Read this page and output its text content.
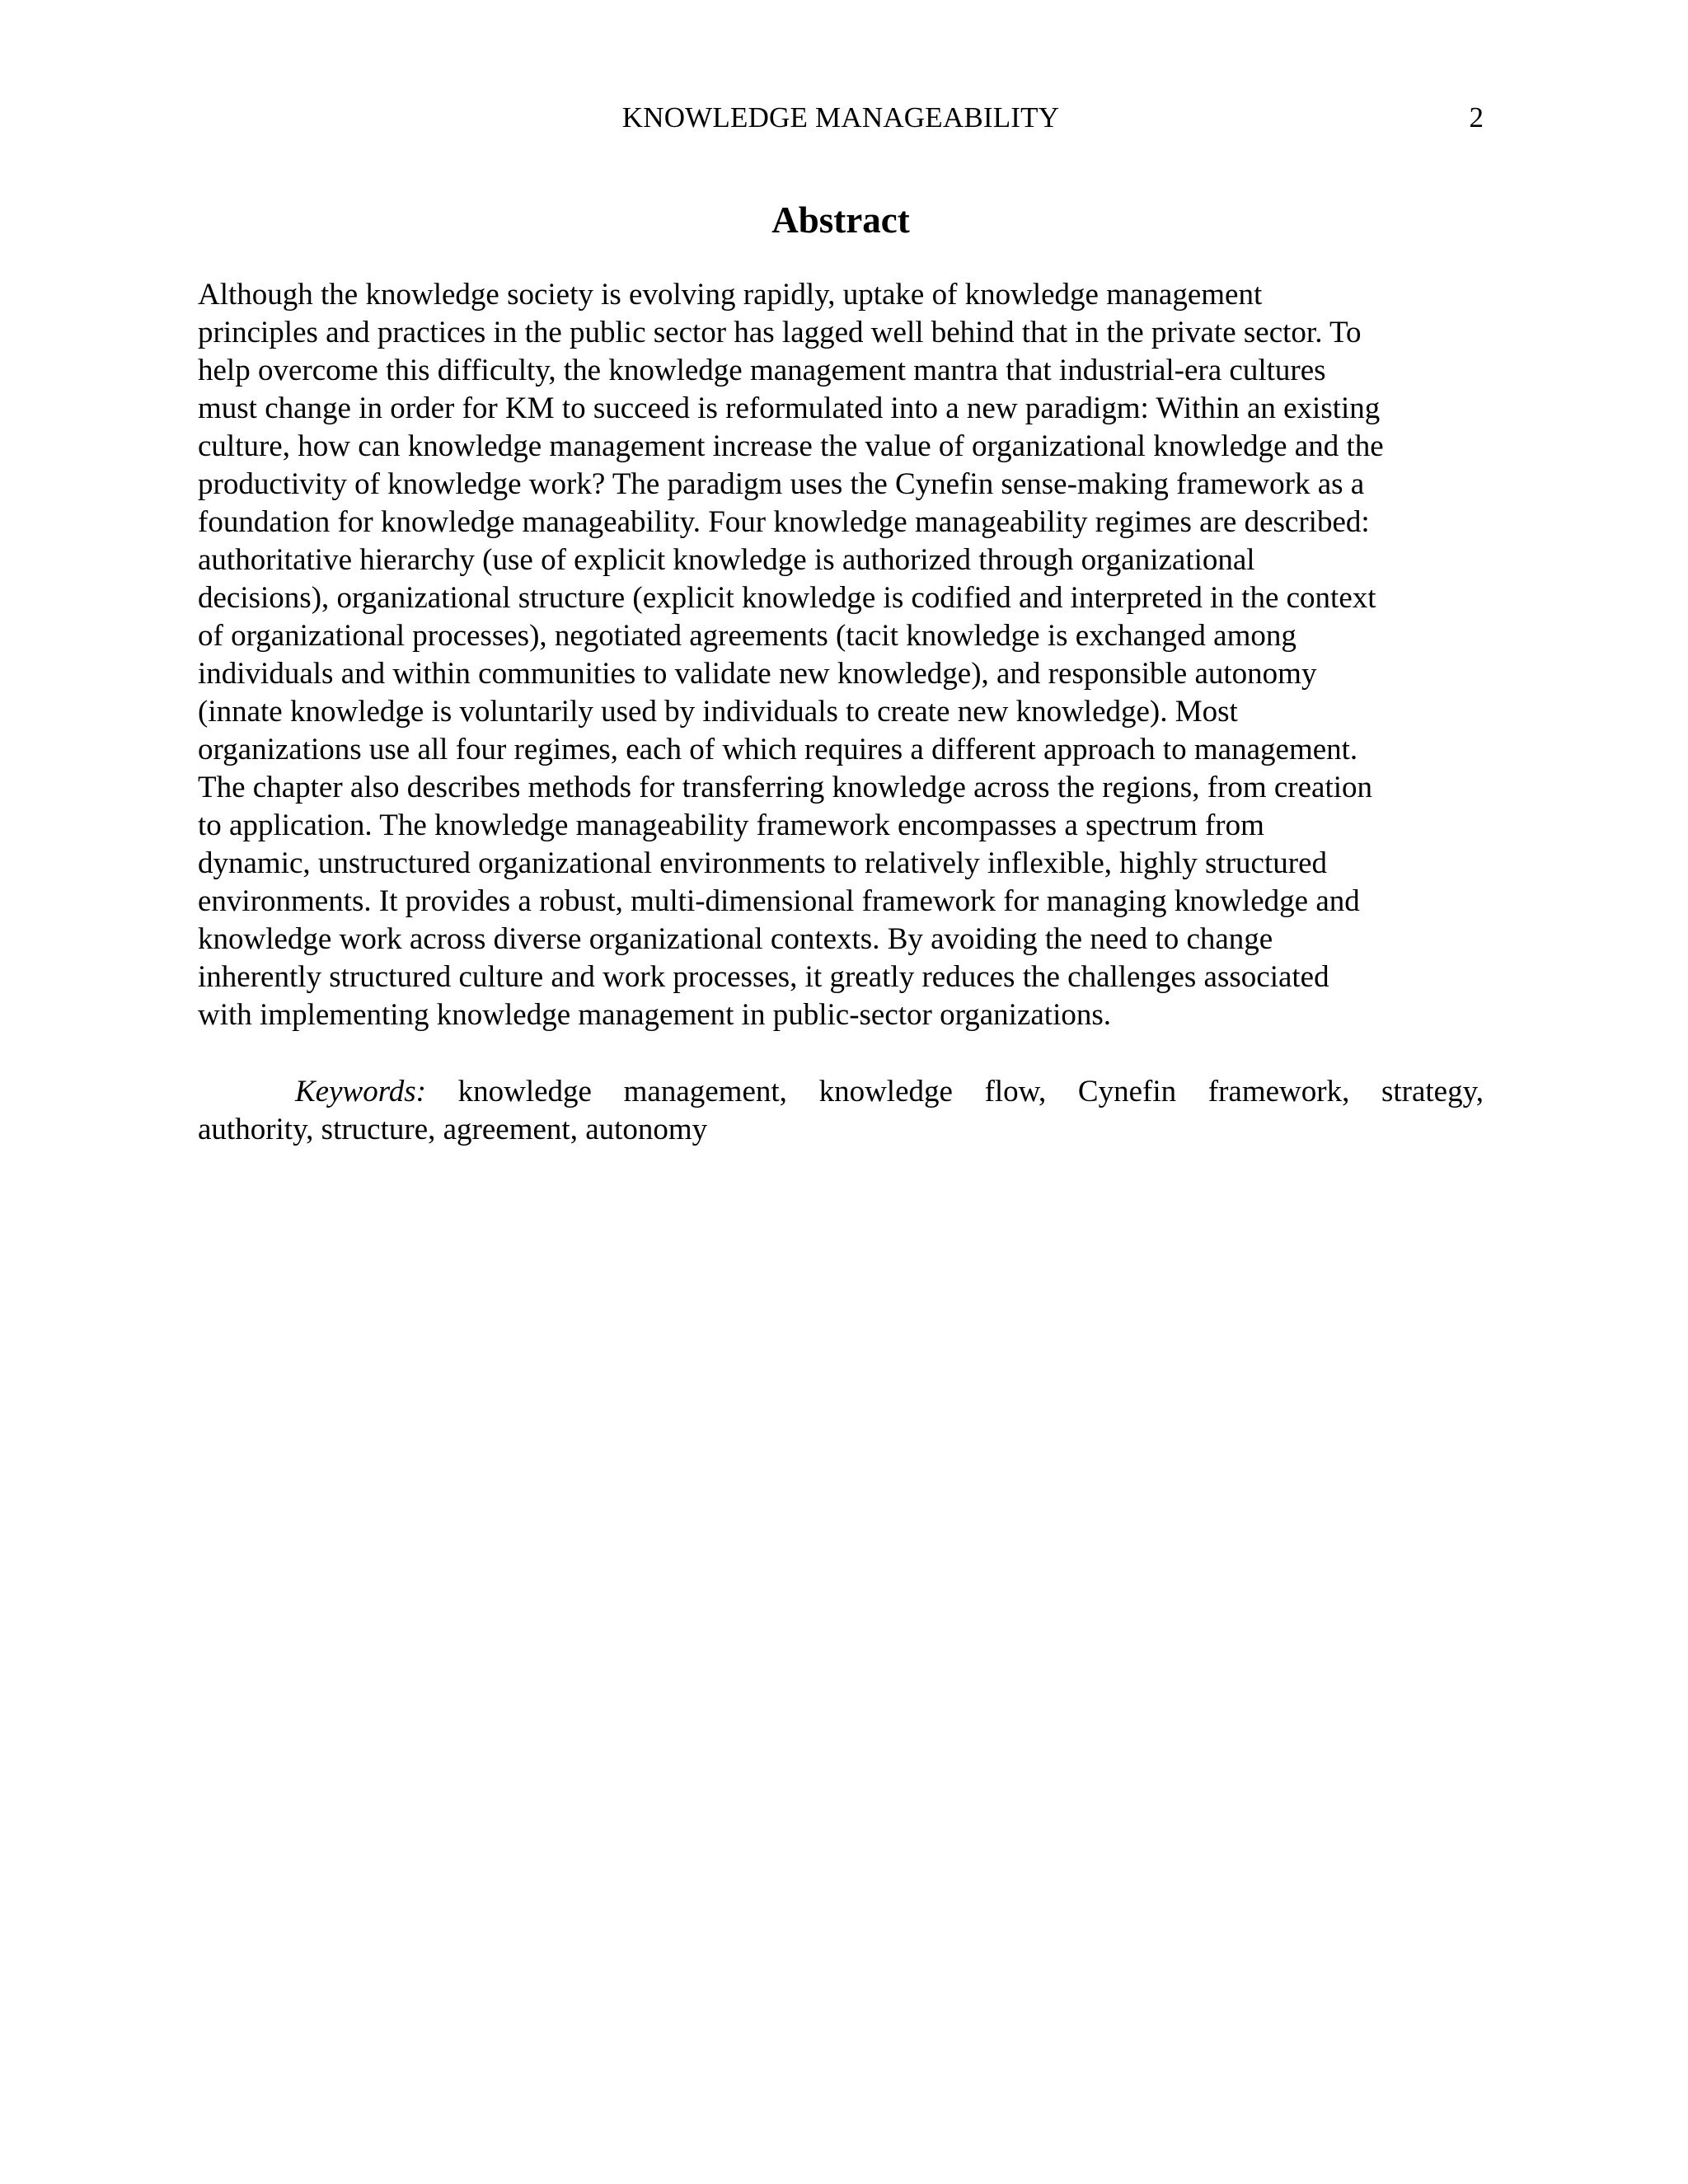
KNOWLEDGE MANAGEABILITY	2
Abstract
Although the knowledge society is evolving rapidly, uptake of knowledge management
principles and practices in the public sector has lagged well behind that in the private sector. To
help overcome this difficulty, the knowledge management mantra that industrial-era cultures
must change in order for KM to succeed is reformulated into a new paradigm: Within an existing
culture, how can knowledge management increase the value of organizational knowledge and the
productivity of knowledge work? The paradigm uses the Cynefin sense-making framework as a
foundation for knowledge manageability. Four knowledge manageability regimes are described:
authoritative hierarchy (use of explicit knowledge is authorized through organizational
decisions), organizational structure (explicit knowledge is codified and interpreted in the context
of organizational processes), negotiated agreements (tacit knowledge is exchanged among
individuals and within communities to validate new knowledge), and responsible autonomy
(innate knowledge is voluntarily used by individuals to create new knowledge). Most
organizations use all four regimes, each of which requires a different approach to management.
The chapter also describes methods for transferring knowledge across the regions, from creation
to application. The knowledge manageability framework encompasses a spectrum from
dynamic, unstructured organizational environments to relatively inflexible, highly structured
environments. It provides a robust, multi-dimensional framework for managing knowledge and
knowledge work across diverse organizational contexts. By avoiding the need to change
inherently structured culture and work processes, it greatly reduces the challenges associated
with implementing knowledge management in public-sector organizations.
Keywords: knowledge management, knowledge flow, Cynefin framework, strategy,
authority, structure, agreement, autonomy
